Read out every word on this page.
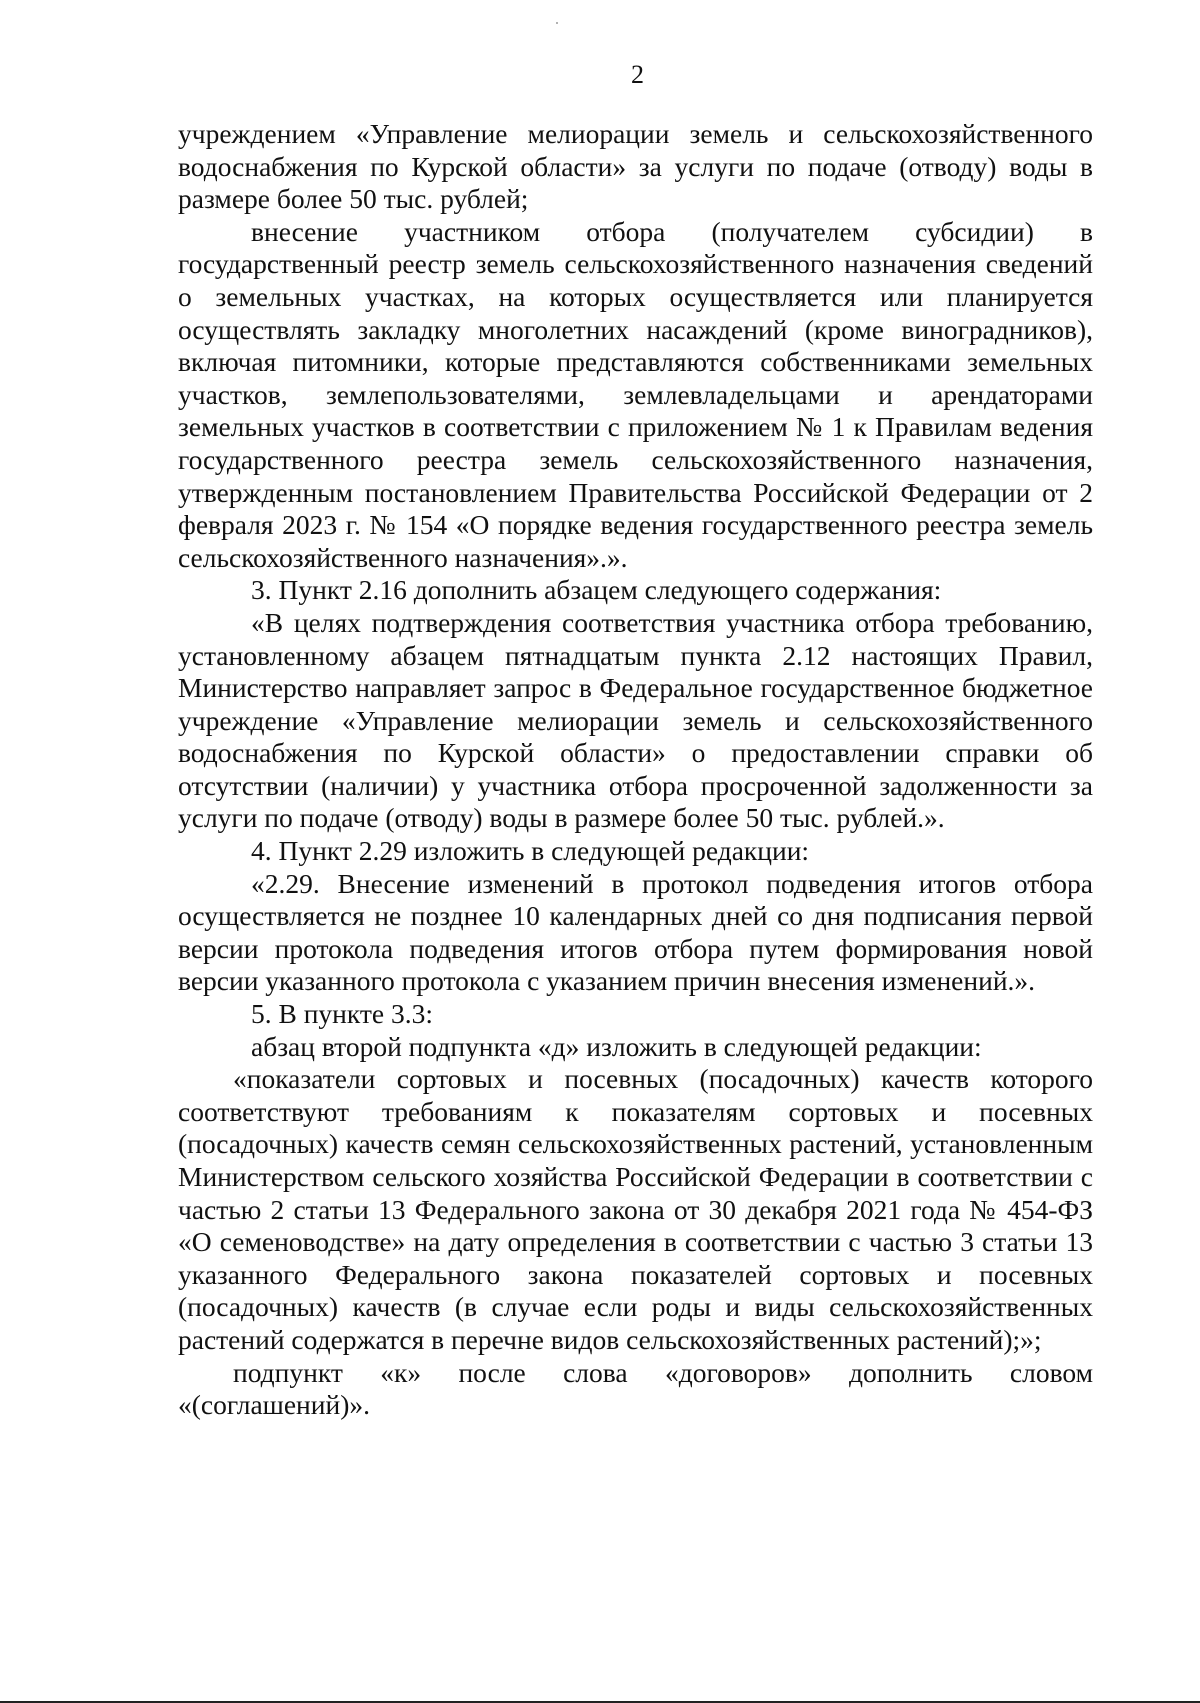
2

учреждением «Управление мелиорации земель и сельскохозяйственного водоснабжения по Курской области» за услуги по подаче (отводу) воды в размере более 50 тыс. рублей;

внесение участником отбора (получателем субсидии) в государственный реестр земель сельскохозяйственного назначения сведений о земельных участках, на которых осуществляется или планируется осуществлять закладку многолетних насаждений (кроме виноградников), включая питомники, которые представляются собственниками земельных участков, землепользователями, землевладельцами и арендаторами земельных участков в соответствии с приложением № 1 к Правилам ведения государственного реестра земель сельскохозяйственного назначения, утвержденным постановлением Правительства Российской Федерации от 2 февраля 2023 г. № 154 «О порядке ведения государственного реестра земель сельскохозяйственного назначения».».

3. Пункт 2.16 дополнить абзацем следующего содержания:

«В целях подтверждения соответствия участника отбора требованию, установленному абзацем пятнадцатым пункта 2.12 настоящих Правил, Министерство направляет запрос в Федеральное государственное бюджетное учреждение «Управление мелиорации земель и сельскохозяйственного водоснабжения по Курской области» о предоставлении справки об отсутствии (наличии) у участника отбора просроченной задолженности за услуги по подаче (отводу) воды в размере более 50 тыс. рублей.».

4. Пункт 2.29 изложить в следующей редакции:

«2.29. Внесение изменений в протокол подведения итогов отбора осуществляется не позднее 10 календарных дней со дня подписания первой версии протокола подведения итогов отбора путем формирования новой версии указанного протокола с указанием причин внесения изменений.».

5. В пункте 3.3:

абзац второй подпункта «д» изложить в следующей редакции:

«показатели сортовых и посевных (посадочных) качеств которого соответствуют требованиям к показателям сортовых и посевных (посадочных) качеств семян сельскохозяйственных растений, установленным Министерством сельского хозяйства Российской Федерации в соответствии с частью 2 статьи 13 Федерального закона от 30 декабря 2021 года № 454-ФЗ «О семеноводстве» на дату определения в соответствии с частью 3 статьи 13 указанного Федерального закона показателей сортовых и посевных (посадочных) качеств (в случае если роды и виды сельскохозяйственных растений содержатся в перечне видов сельскохозяйственных растений);»;

подпункт «к» после слова «договоров» дополнить словом «(соглашений)».
